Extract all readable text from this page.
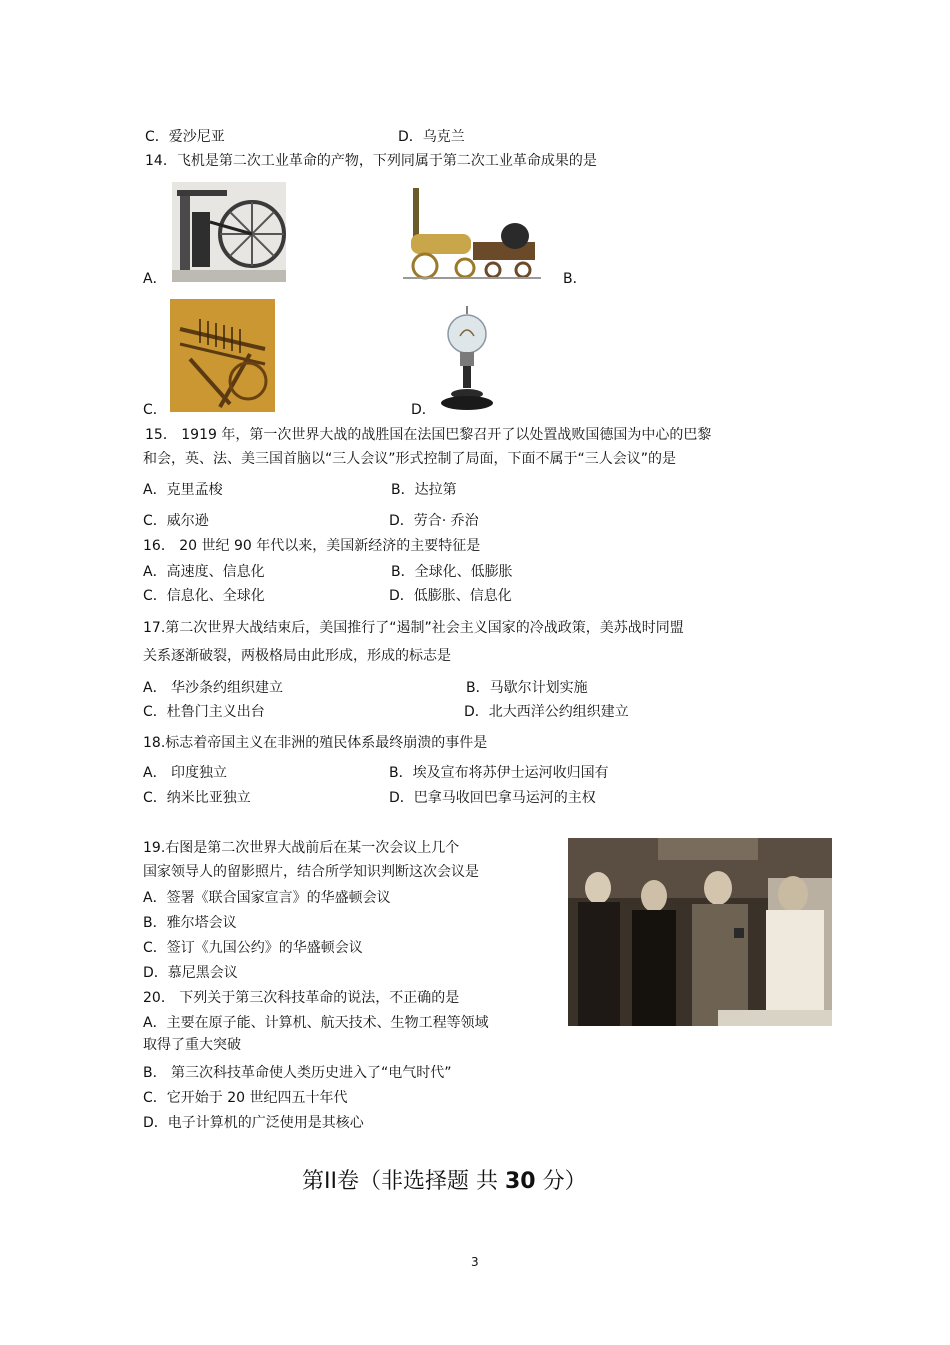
C．爱沙尼亚	D．乌克兰
14．飞机是第二次工业革命的产物，下列同属于第二次工业革命成果的是
A．	B．
C．	D．
15． 1919 年，第一次世界大战的战胜国在法国巴黎召开了以处置战败国德国为中心的巴黎
和会，英、法、美三国首脑以“三人会议”形式控制了局面，下面不属于“三人会议”的是
A．克里孟梭	B．达拉第
C．威尔逊	D．劳合· 乔治
16． 20 世纪 90 年代以来，美国新经济的主要特征是
A．高速度、信息化	B．全球化、低膨胀
C．信息化、全球化	D．低膨胀、信息化
17.第二次世界大战结束后，美国推行了“遏制”社会主义国家的冷战政策，美苏战时同盟
关系逐渐破裂，两极格局由此形成，形成的标志是
A． 华沙条约组织建立	B．马歇尔计划实施
C．杜鲁门主义出台	D．北大西洋公约组织建立
18.标志着帝国主义在非洲的殖民体系最终崩溃的事件是
A． 印度独立	B．埃及宣布将苏伊士运河收归国有
C．纳米比亚独立	D．巴拿马收回巴拿马运河的主权
19.右图是第二次世界大战前后在某一次会议上几个
国家领导人的留影照片，结合所学知识判断这次会议是
A．签署《联合国家宣言》的华盛顿会议
B．雅尔塔会议
C．签订《九国公约》的华盛顿会议
D．慕尼黑会议
20． 下列关于第三次科技革命的说法，不正确的是
A．主要在原子能、计算机、航天技术、生物工程等领域
取得了重大突破
B． 第三次科技革命使人类历史进入了“电气时代”
C．它开始于 20 世纪四五十年代
D．电子计算机的广泛使用是其核心
第II卷（非选择题 共 30 分）
3
